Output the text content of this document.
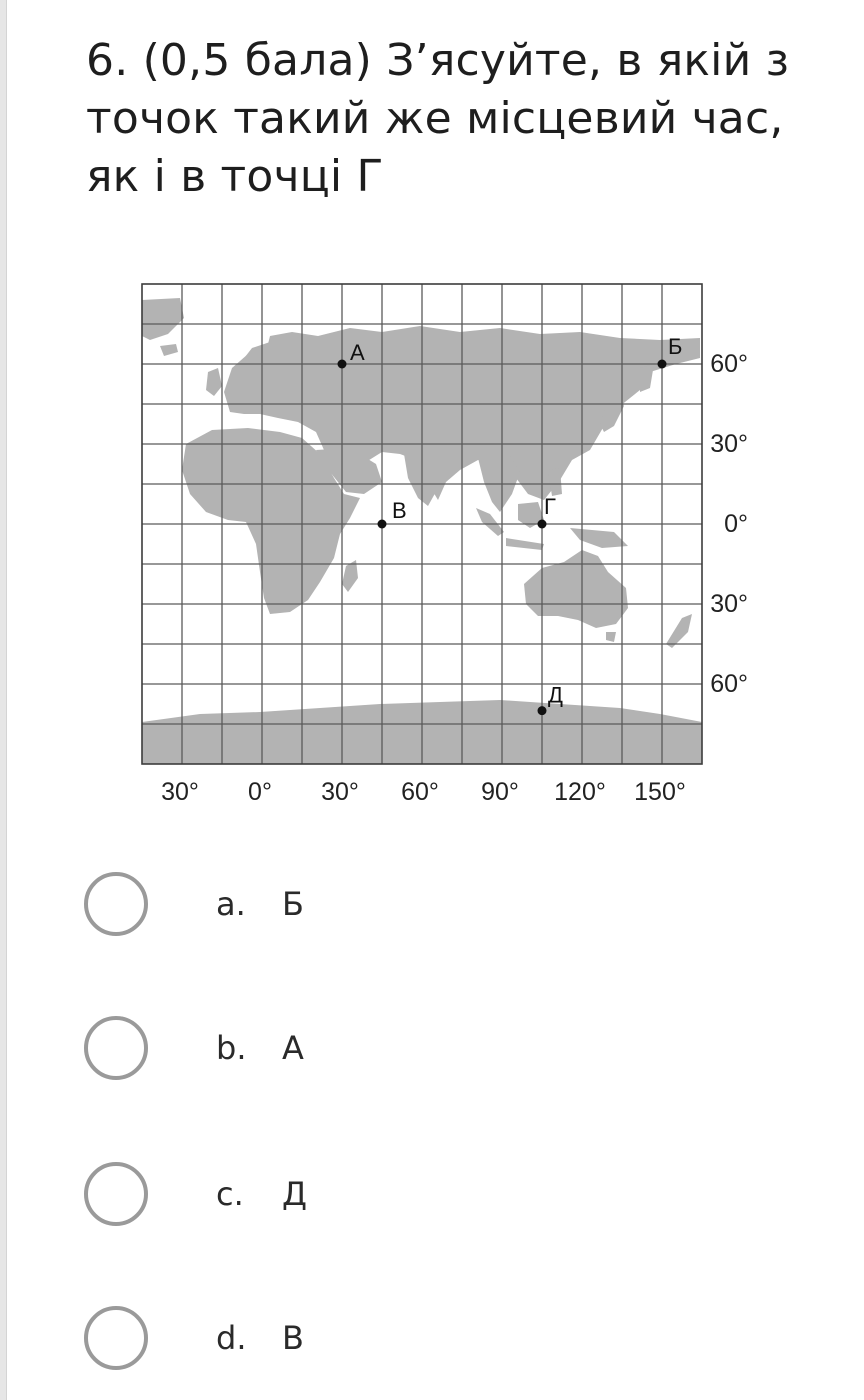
6. (0,5 бала) З’ясуйте, в якій з точок такий же місцевий час, як і в точці Г
А	Б
В	Г
Д
60°
30°
0°
30°
60°
30° 0° 30° 60° 90° 120° 150°
a. Б
b. А
c. Д
d. В
